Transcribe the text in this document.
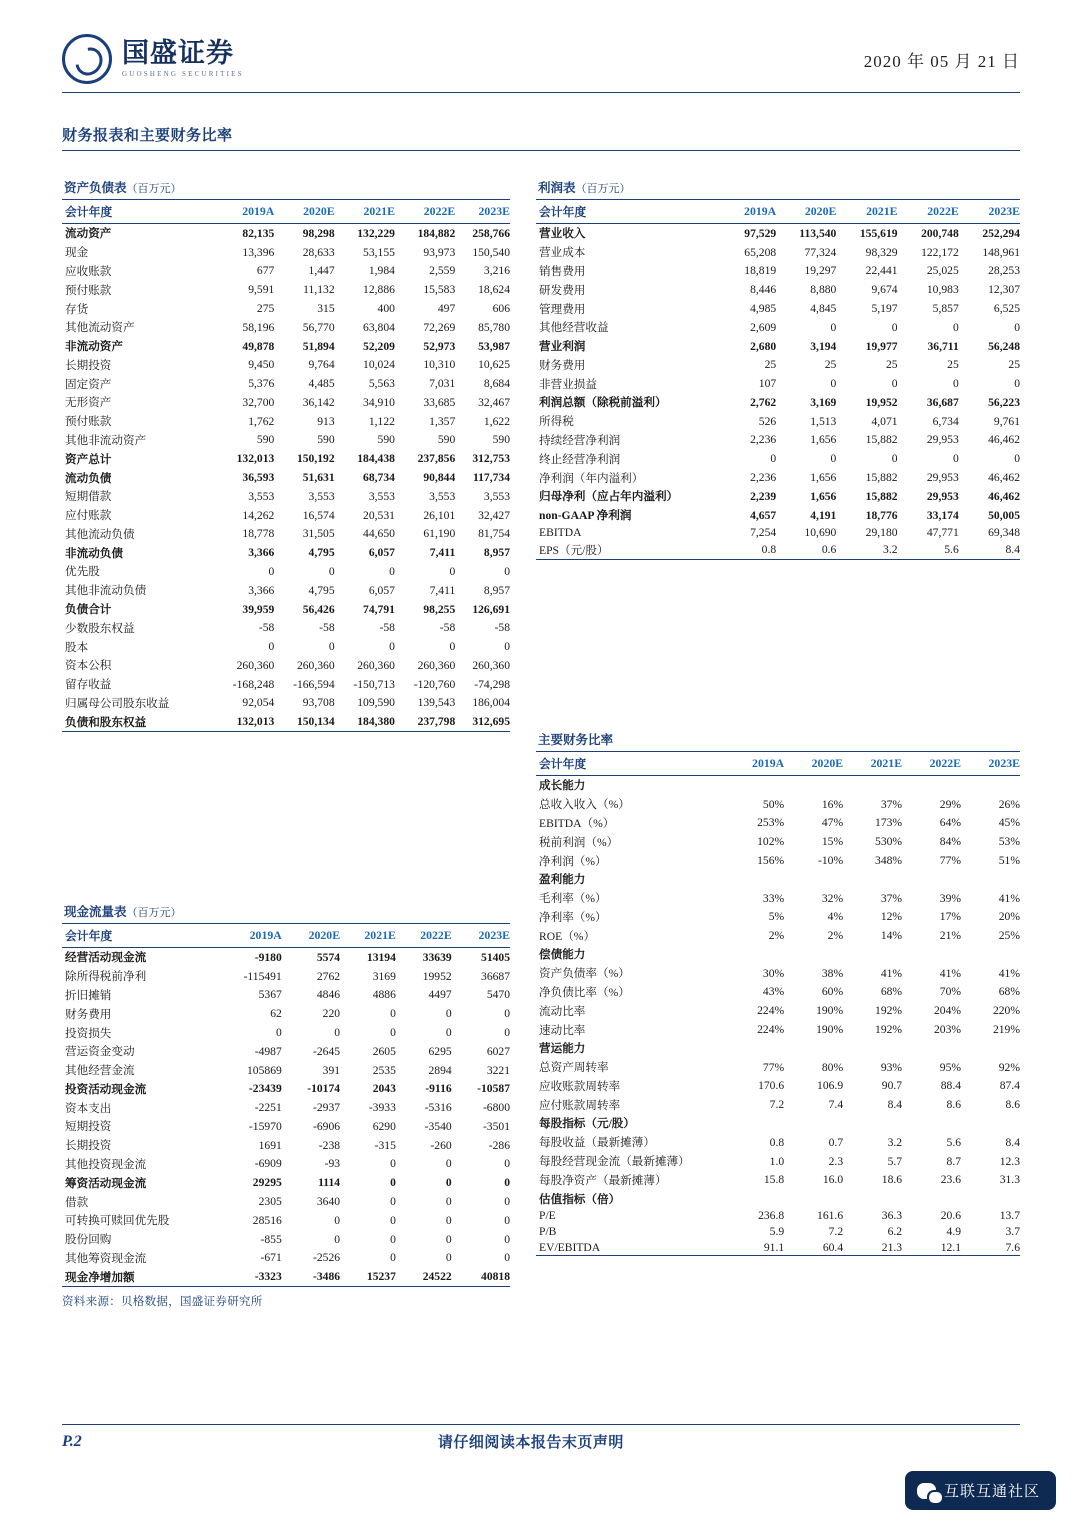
国盛证券
GUOSHENG SECURITIES
2020 年 05 月 21 日
财务报表和主要财务比率
资产负债表（百万元）
会计年度	2019A	2020E	2021E	2022E	2023E
流动资产	82,135	98,298	132,229	184,882	258,766
现金	13,396	28,633	53,155	93,973	150,540
应收账款	677	1,447	1,984	2,559	3,216
预付账款	9,591	11,132	12,886	15,583	18,624
存货	275	315	400	497	606
其他流动资产	58,196	56,770	63,804	72,269	85,780
非流动资产	49,878	51,894	52,209	52,973	53,987
长期投资	9,450	9,764	10,024	10,310	10,625
固定资产	5,376	4,485	5,563	7,031	8,684
无形资产	32,700	36,142	34,910	33,685	32,467
预付账款	1,762	913	1,122	1,357	1,622
其他非流动资产	590	590	590	590	590
资产总计	132,013	150,192	184,438	237,856	312,753
流动负债	36,593	51,631	68,734	90,844	117,734
短期借款	3,553	3,553	3,553	3,553	3,553
应付账款	14,262	16,574	20,531	26,101	32,427
其他流动负债	18,778	31,505	44,650	61,190	81,754
非流动负债	3,366	4,795	6,057	7,411	8,957
优先股	0	0	0	0	0
其他非流动负债	3,366	4,795	6,057	7,411	8,957
负债合计	39,959	56,426	74,791	98,255	126,691
少数股东权益	-58	-58	-58	-58	-58
股本	0	0	0	0	0
资本公积	260,360	260,360	260,360	260,360	260,360
留存收益	-168,248	-166,594	-150,713	-120,760	-74,298
归属母公司股东收益	92,054	93,708	109,590	139,543	186,004
负债和股东权益	132,013	150,134	184,380	237,798	312,695
利润表（百万元）
会计年度	2019A	2020E	2021E	2022E	2023E
营业收入	97,529	113,540	155,619	200,748	252,294
营业成本	65,208	77,324	98,329	122,172	148,961
销售费用	18,819	19,297	22,441	25,025	28,253
研发费用	8,446	8,880	9,674	10,983	12,307
管理费用	4,985	4,845	5,197	5,857	6,525
其他经营收益	2,609	0	0	0	0
营业利润	2,680	3,194	19,977	36,711	56,248
财务费用	25	25	25	25	25
非营业损益	107	0	0	0	0
利润总额（除税前溢利）	2,762	3,169	19,952	36,687	56,223
所得税	526	1,513	4,071	6,734	9,761
持续经营净利润	2,236	1,656	15,882	29,953	46,462
终止经营净利润	0	0	0	0	0
净利润（年内溢利）	2,236	1,656	15,882	29,953	46,462
归母净利（应占年内溢利）	2,239	1,656	15,882	29,953	46,462
non-GAAP 净利润	4,657	4,191	18,776	33,174	50,005
EBITDA	7,254	10,690	29,180	47,771	69,348
EPS（元/股）	0.8	0.6	3.2	5.6	8.4
主要财务比率
会计年度	2019A	2020E	2021E	2022E	2023E
成长能力					
总收入收入（%）	50%	16%	37%	29%	26%
EBITDA（%）	253%	47%	173%	64%	45%
税前利润（%）	102%	15%	530%	84%	53%
净利润（%）	156%	-10%	348%	77%	51%
盈利能力					
毛利率（%）	33%	32%	37%	39%	41%
净利率（%）	5%	4%	12%	17%	20%
ROE（%）	2%	2%	14%	21%	25%
偿债能力					
资产负债率（%）	30%	38%	41%	41%	41%
净负债比率（%）	43%	60%	68%	70%	68%
流动比率	224%	190%	192%	204%	220%
速动比率	224%	190%	192%	203%	219%
营运能力					
总资产周转率	77%	80%	93%	95%	92%
应收账款周转率	170.6	106.9	90.7	88.4	87.4
应付账款周转率	7.2	7.4	8.4	8.6	8.6
每股指标（元/股）					
每股收益（最新摊薄）	0.8	0.7	3.2	5.6	8.4
每股经营现金流（最新摊薄）	1.0	2.3	5.7	8.7	12.3
每股净资产（最新摊薄）	15.8	16.0	18.6	23.6	31.3
估值指标（倍）					
P/E	236.8	161.6	36.3	20.6	13.7
P/B	5.9	7.2	6.2	4.9	3.7
EV/EBITDA	91.1	60.4	21.3	12.1	7.6
现金流量表（百万元）
会计年度	2019A	2020E	2021E	2022E	2023E
经营活动现金流	-9180	5574	13194	33639	51405
除所得税前净利	-115491	2762	3169	19952	36687
折旧摊销	5367	4846	4886	4497	5470
财务费用	62	220	0	0	0
投资损失	0	0	0	0	0
营运资金变动	-4987	-2645	2605	6295	6027
其他经营金流	105869	391	2535	2894	3221
投资活动现金流	-23439	-10174	2043	-9116	-10587
资本支出	-2251	-2937	-3933	-5316	-6800
短期投资	-15970	-6906	6290	-3540	-3501
长期投资	1691	-238	-315	-260	-286
其他投资现金流	-6909	-93	0	0	0
筹资活动现金流	29295	1114	0	0	0
借款	2305	3640	0	0	0
可转换可赎回优先股	28516	0	0	0	0
股份回购	-855	0	0	0	0
其他筹资现金流	-671	-2526	0	0	0
现金净增加额	-3323	-3486	15237	24522	40818
资料来源：贝格数据，国盛证券研究所
P.2	请仔细阅读本报告末页声明
互联互通社区
